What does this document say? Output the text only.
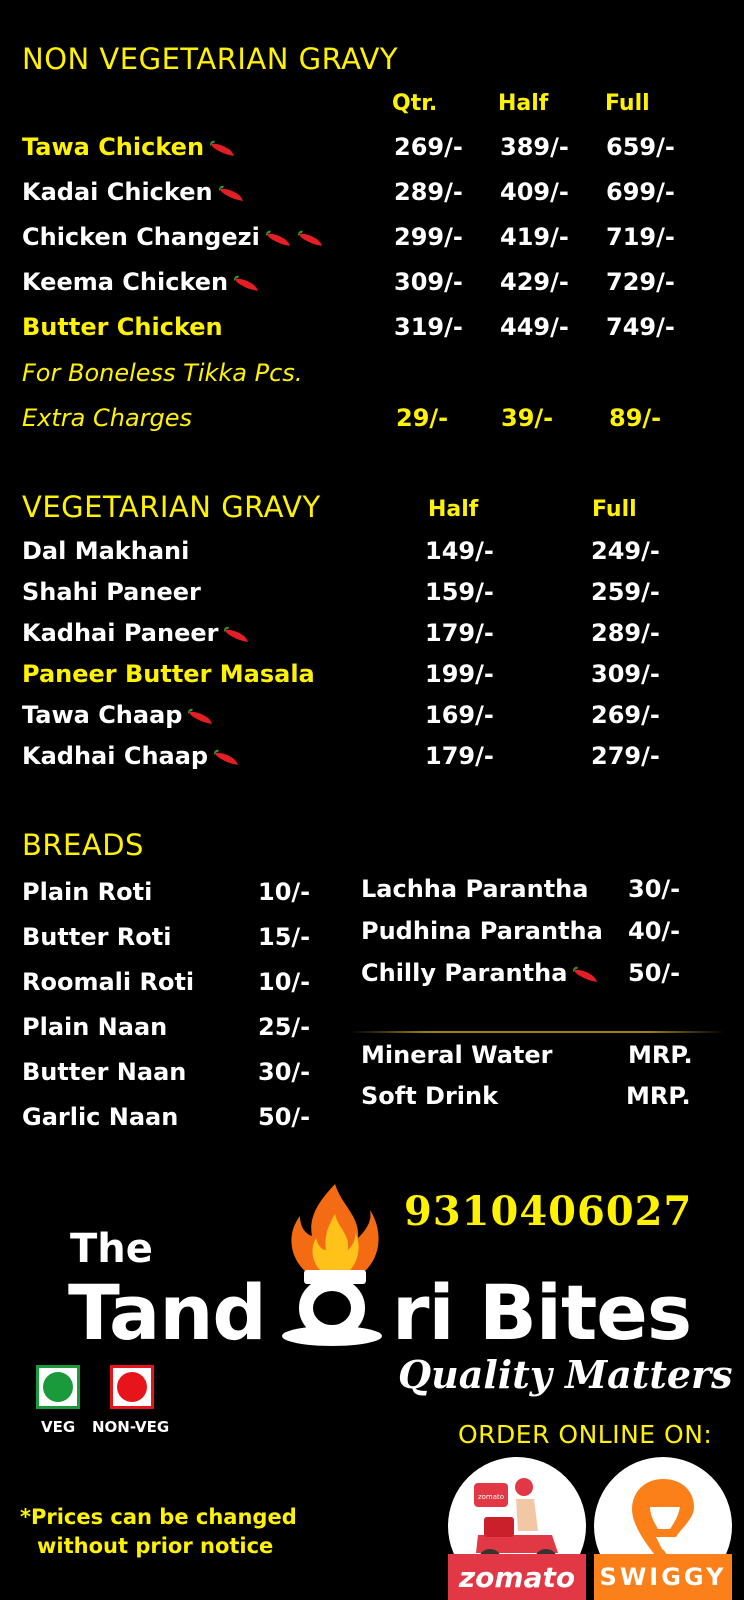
NON VEGETARIAN GRAVY
Qtr.	Half	Full
Tawa Chicken	269/- 389/- 659/-
Kadai Chicken	289/- 409/- 699/-
Chicken Changezi	299/- 419/- 719/-
Keema Chicken	309/- 429/- 729/-
Butter Chicken	319/- 449/- 749/-
For Boneless Tikka Pcs.
Extra Charges	29/- 39/- 89/-
VEGETARIAN GRAVY	Half	Full
Dal Makhani	149/-	249/-
Shahi Paneer	159/-	259/-
Kadhai Paneer	179/-	289/-
Paneer Butter Masala	199/-	309/-
Tawa Chaap	169/-	269/-
Kadhai Chaap	179/-	279/-
BREADS
Plain Roti	10/-
Butter Roti	15/-
Roomali Roti	10/-
Plain Naan	25/-
Butter Naan	30/-
Garlic Naan	50/-
Lachha Parantha 30/-
Pudhina Parantha 40/-
Chilly Parantha	50/-
Mineral Water	MRP.
Soft Drink	MRP.
9310406027
The
Tand ri Bites
Quality Matters
VEG NON-VEG	ORDER ONLINE ON:
*Prices can be changed
without prior notice
zomato
zomato	SWIGGY
